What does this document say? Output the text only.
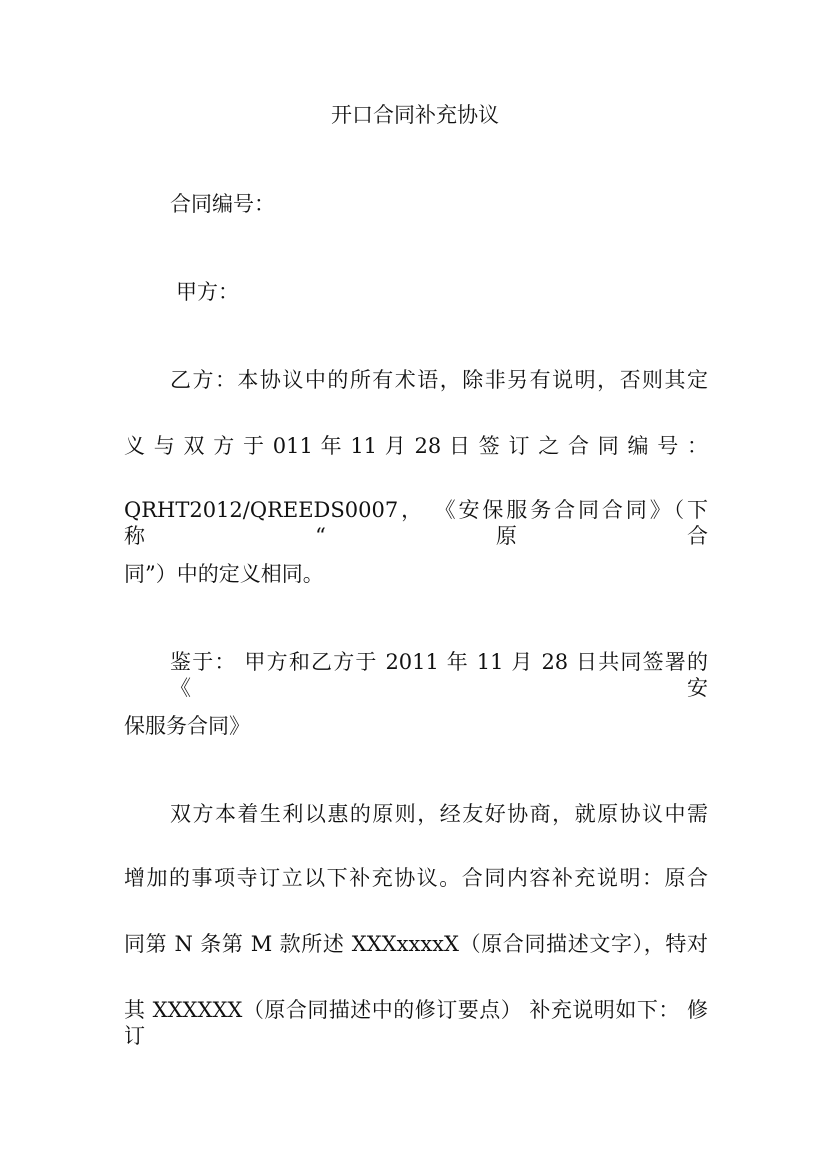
开口合同补充协议
合同编号：
甲方：
乙方：本协议中的所有术语，除非另有说明，否则其定
义 与 双 方 于 011 年 11 月 28 日 签 订 之 合 同 编 号 ：
QRHT2012/QREEDS0007， 《安保服务合同合同》（下称“原合
同”）中的定义相同。
鉴于： 甲方和乙方于 2011 年 11 月 28 日共同签署的《安
保服务合同》
双方本着生利以惠的原则，经友好协商，就原协议中需
增加的事项寺订立以下补充协议。合同内容补充说明：原合
同第 N 条第 M 款所述 XXXxxxxX（原合同描述文字），特对
其 XXXXXX（原合同描述中的修订要点） 补充说明如下： 修订
